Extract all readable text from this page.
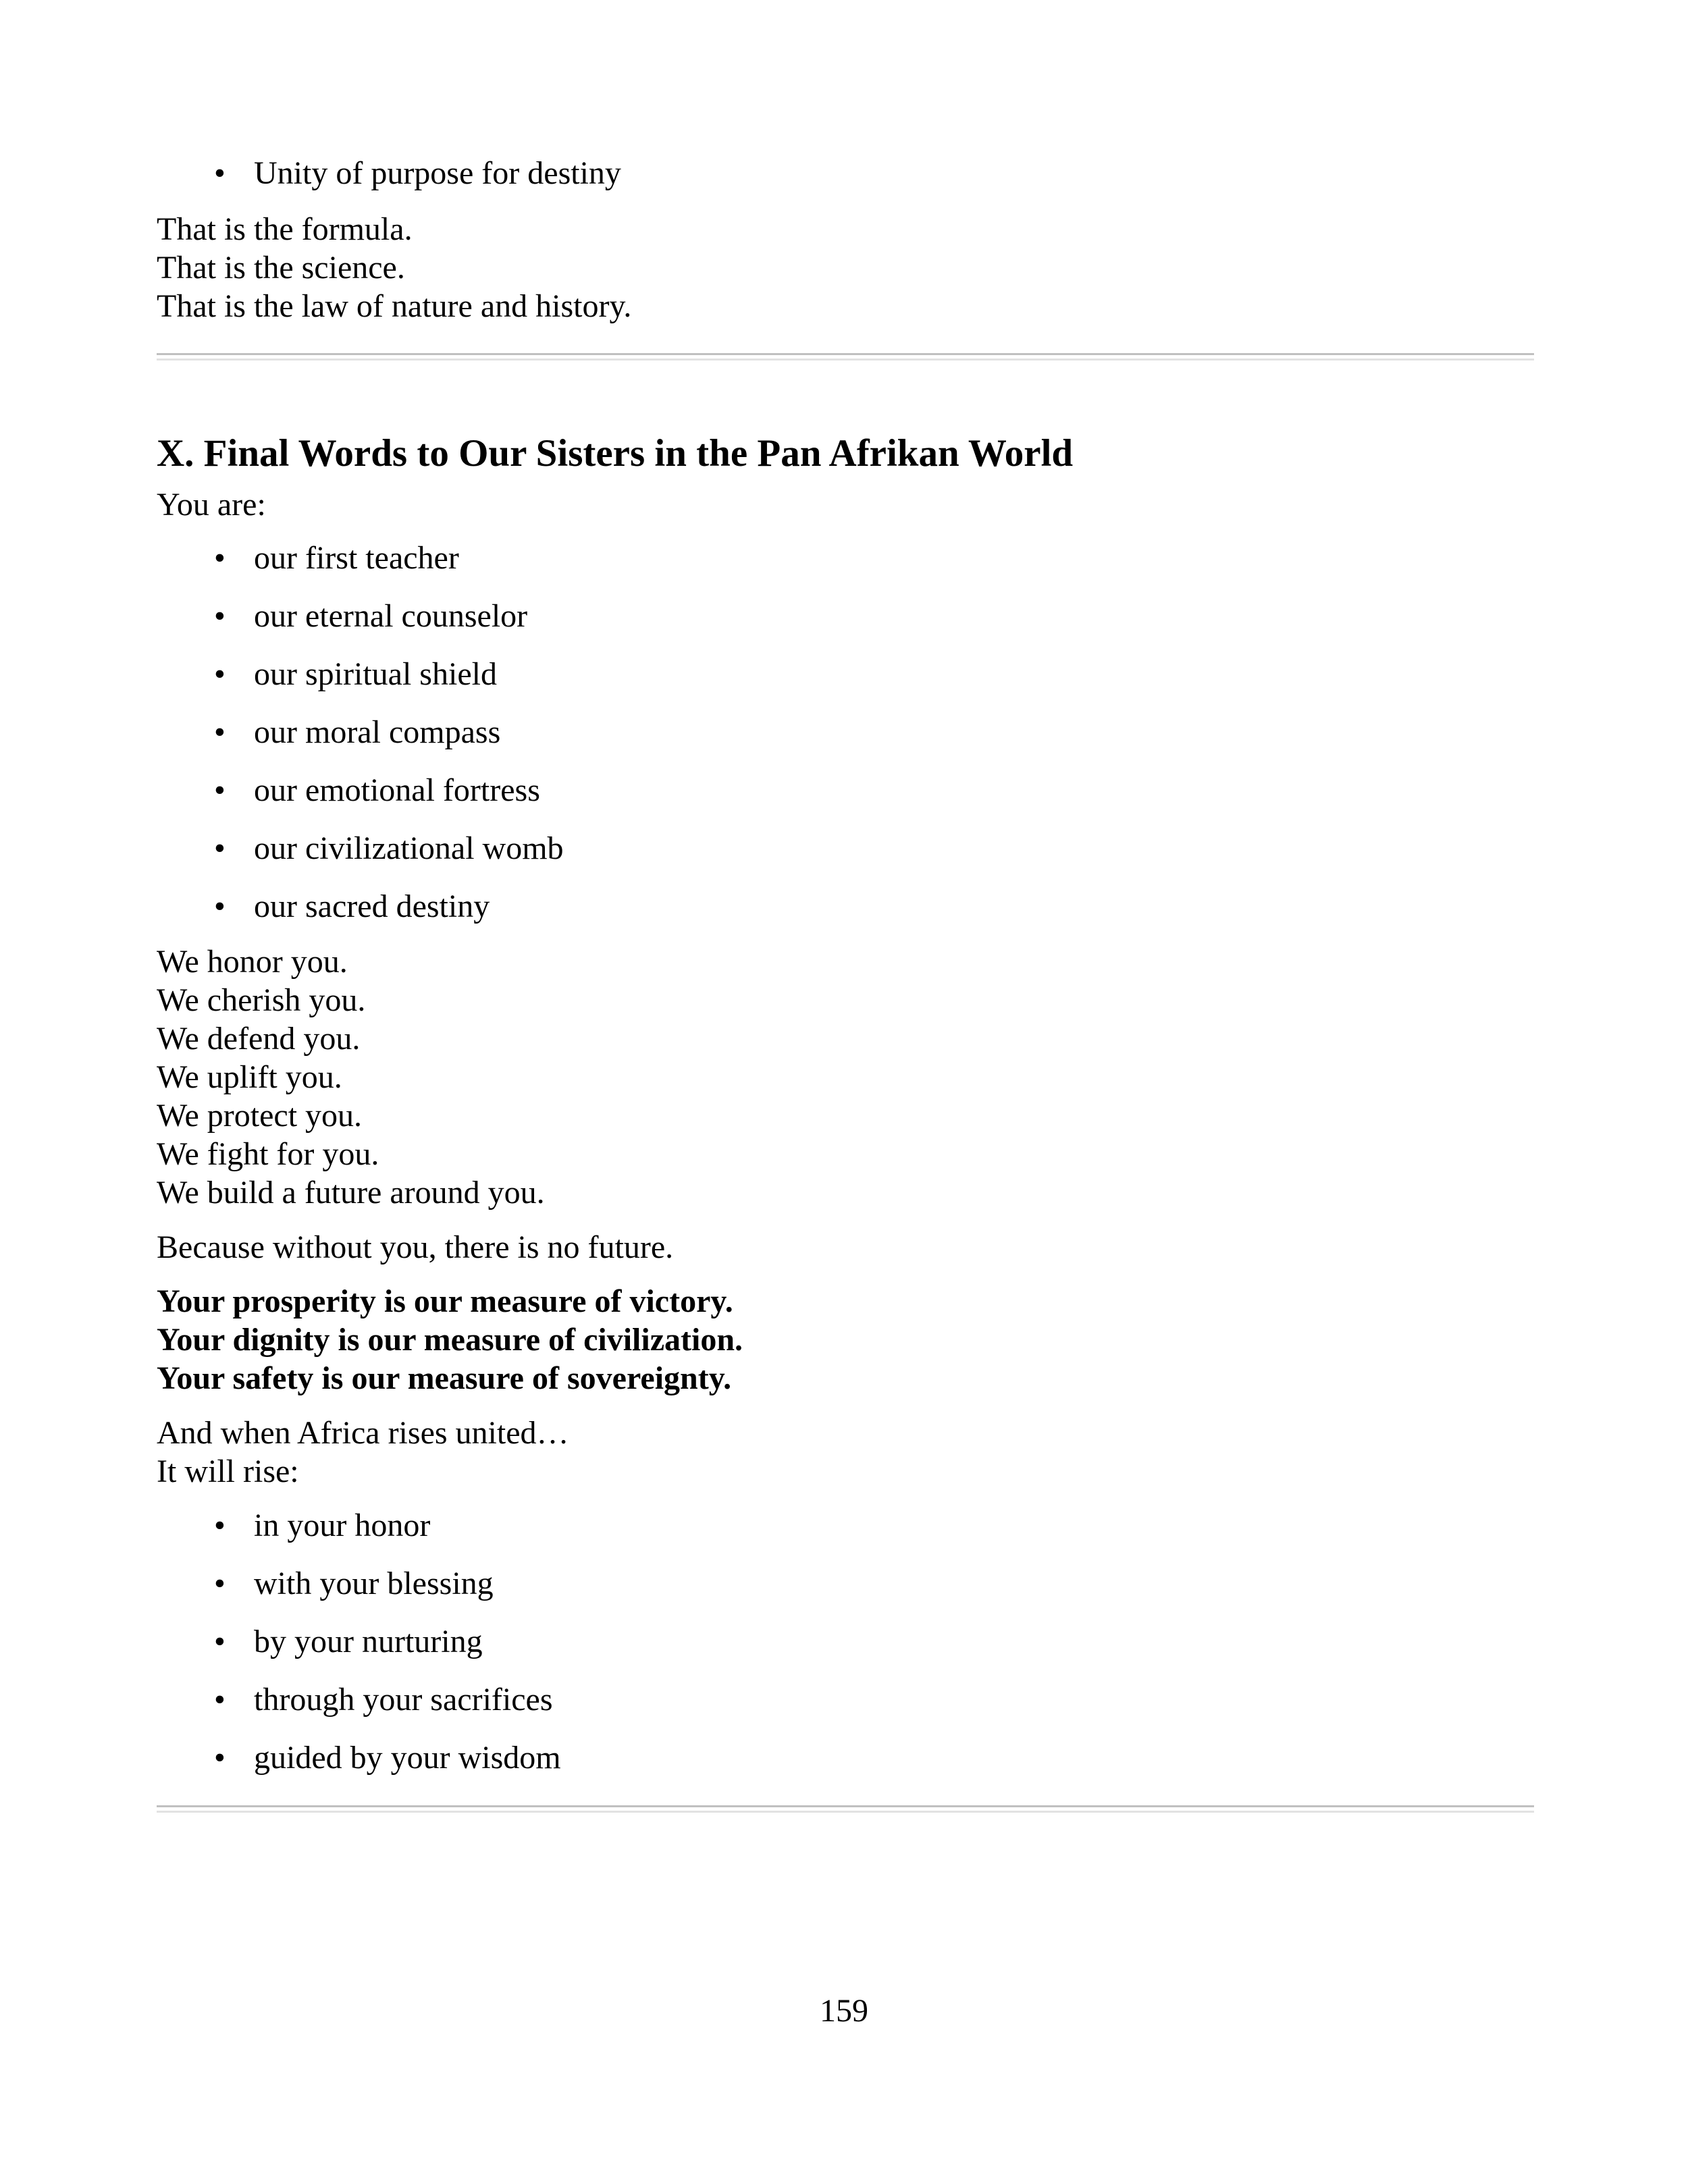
• Unity of purpose for destiny

That is the formula.

That is the science.

That is the law of nature and history.

X. Final Words to Our Sisters in the Pan Afrikan World

You are:

• our first teacher
• our eternal counselor
• our spiritual shield
• our moral compass
• our emotional fortress
• our civilizational womb
• our sacred destiny

We honor you.

We cherish you.

We defend you.

We uplift you.

We protect you.

We fight for you.

We build a future around you.

Because without you, there is no future.

Your prosperity is our measure of victory.

Your dignity is our measure of civilization.

Your safety is our measure of sovereignty.

And when Africa rises united…

It will rise:

• in your honor
• with your blessing
• by your nurturing
• through your sacrifices
• guided by your wisdom
159
